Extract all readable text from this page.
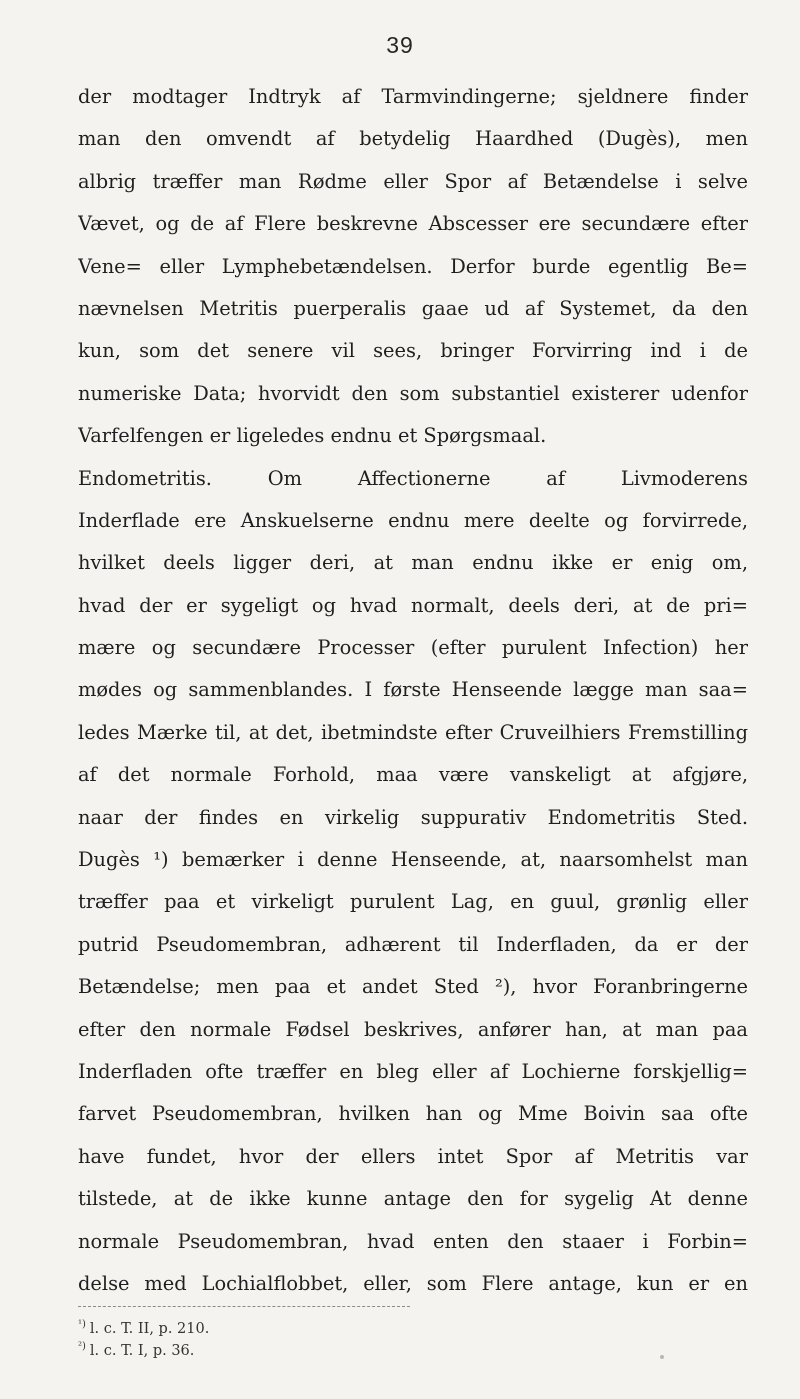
39
der modtager Indtryk af Tarmvindingerne; sjeldnere finder
man den omvendt af betydelig Haardhed (Dugès), men
albrig træffer man Rødme eller Spor af Betændelse i selve
Vævet, og de af Flere beskrevne Abscesser ere secundære efter
Vene= eller Lymphebetændelsen. Derfor burde egentlig Be=
nævnelsen Metritis puerperalis gaae ud af Systemet, da den
kun, som det senere vil sees, bringer Forvirring ind i de
numeriske Data; hvorvidt den som substantiel existerer udenfor
Varfelfengen er ligeledes endnu et Spørgsmaal.
Endometritis. Om Affectionerne af Livmoderens
Inderflade ere Anskuelserne endnu mere deelte og forvirrede,
hvilket deels ligger deri, at man endnu ikke er enig om,
hvad der er sygeligt og hvad normalt, deels deri, at de pri=
mære og secundære Processer (efter purulent Infection) her
mødes og sammenblandes. I første Henseende lægge man saa=
ledes Mærke til, at det, ibetmindste efter Cruveilhiers Fremstilling
af det normale Forhold, maa være vanskeligt at afgjøre,
naar der findes en virkelig suppurativ Endometritis Sted.
Dugès ¹) bemærker i denne Henseende, at, naarsomhelst man
træffer paa et virkeligt purulent Lag, en guul, grønlig eller
putrid Pseudomembran, adhærent til Inderfladen, da er der
Betændelse; men paa et andet Sted ²), hvor Foranbringerne
efter den normale Fødsel beskrives, anfører han, at man paa
Inderfladen ofte træffer en bleg eller af Lochierne forskjellig=
farvet Pseudomembran, hvilken han og Mme Boivin saa ofte
have fundet, hvor der ellers intet Spor af Metritis var
tilstede, at de ikke kunne antage den for sygelig At denne
normale Pseudomembran, hvad enten den staaer i Forbin=
delse med Lochialflobbet, eller, som Flere antage, kun er en
$^{^1)}$ l. c. T. II, p. 210.
$^{^2)}$ l. c. T. I, p. 36.
